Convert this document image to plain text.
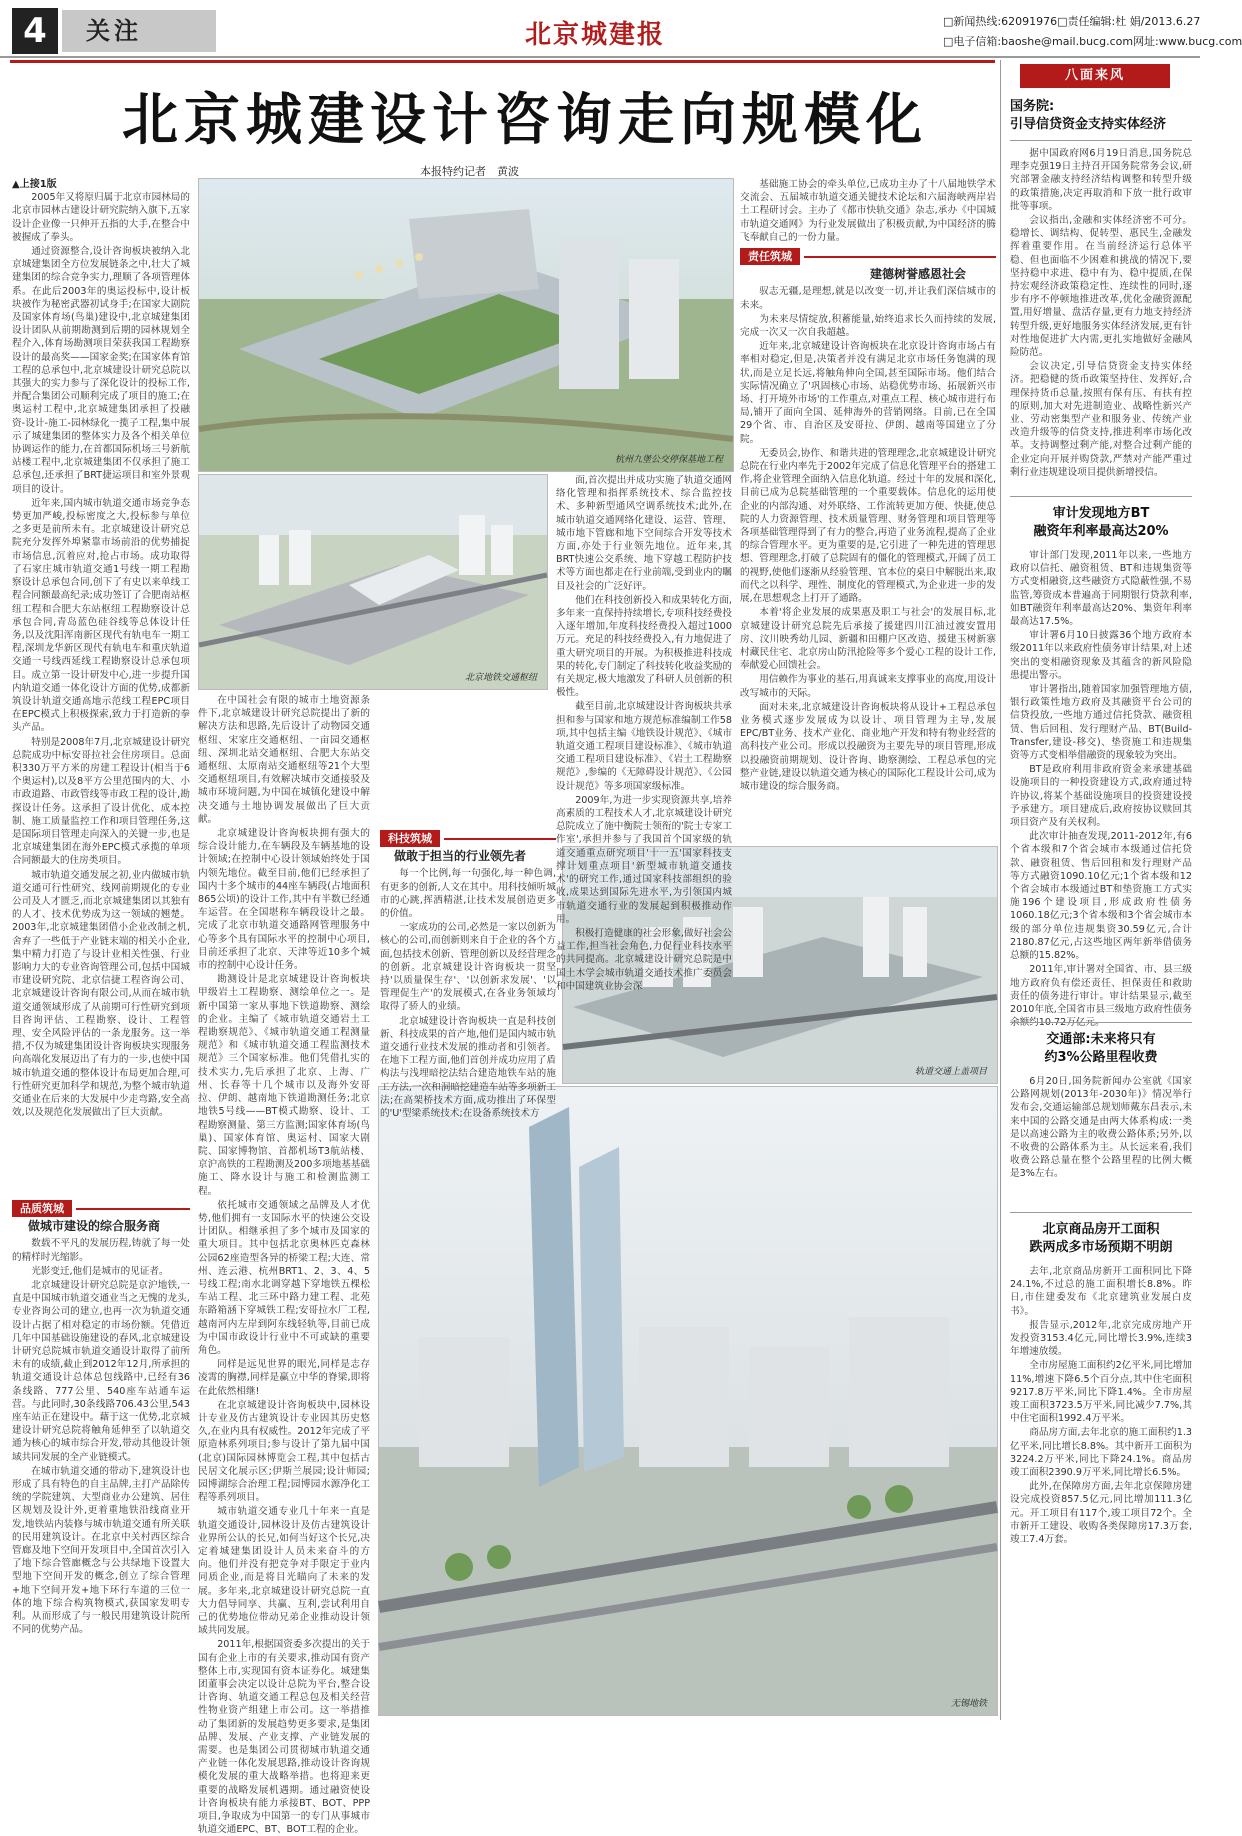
4	关注	北京城建报	□新闻热线:62091976 □责任编辑:杜 娟 /2013.6.27
□电子信箱:baoshe@mail.bucg.com 网址:www.bucg.com
北京城建设计咨询走向规模化
本报特约记者　黄波
▲上接1版

2005年又将原归属于北京市园林局的北京市园林古建设计研究院纳入旗下,五家设计企业像一只伸开五指的大手,在整合中被握成了拳头。

通过资源整合,设计咨询板块被纳入北京城建集团全方位发展链条之中,壮大了城建集团的综合竞争实力,理顺了各项管理体系。在此后2003年的奥运投标中,设计板块被作为秘密武器初试身手;在国家大剧院及国家体育场(鸟巢)建设中,北京城建集团设计团队从前期勘测到后期的园林规划全程介入,体育场勘测项目荣获我国工程勘察设计的最高奖——国家金奖;在国家体育馆工程的总承包中,北京城建设计研究总院以其强大的实力参与了深化设计的投标工作,并配合集团公司顺利完成了项目的施工;在奥运村工程中,北京城建集团承担了投融资-设计-施工-园林绿化一揽子工程,集中展示了城建集团的整体实力及各个相关单位协调运作的能力,在首都国际机场三号新航站楼工程中,北京城建集团不仅承担了施工总承包,还承担了BRT捷运项目和室外景观项目的设计。

近年来,国内城市轨道交通市场竞争态势更加严峻,投标密度之大,投标参与单位之多更是前所未有。北京城建设计研究总院充分发挥外埠紧靠市场前沿的优势捕捉市场信息,沉着应对,抢占市场。成功取得了石家庄城市轨道交通1号线一期工程勘察设计总承包合同,创下了有史以来单线工程合同额最高纪录;成功签订了合肥南站枢纽工程和合肥大东站枢纽工程勘察设计总承包合同,青岛蓝色硅谷线等总体设计任务,以及沈阳浑南新区现代有轨电车一期工程,深圳龙华新区现代有轨电车和重庆轨道交通一号线西延线工程勘察设计总承包项目。成立第一设计研发中心,进一步提升国内轨道交通一体化设计方面的优势,成都新筑设计轨道交通高地示范线工程EPC项目在EPC模式上积极探索,致力于打造新的拳头产品。

特别是2008年7月,北京城建设计研究总院成功中标安哥拉社会住房项目。总面积330万平方米的房建工程设计(相当于6个奥运村),以及8平方公里范围内的大、小市政道路、市政管线等市政工程的设计,勘探设计任务。这承担了设计优化、成本控制、施工质量监控工作和项目管理任务,这是国际项目管理走向深入的关键一步,也是北京城建集团在海外EPC模式承揽的单项合同额最大的住房类项目。

城市轨道交通发展之初,业内做城市轨道交通可行性研究、线网前期规化的专业公司及人才匮乏,而北京城建集团以其独有的人才、技术优势成为这一领域的翘楚。2003年,北京城建集团借小企业改制之机,舍弃了一些低于产业链末端的相关小企业,集中精力打造了与设计业相关性强、行业影响力大的专业咨询管理公司,包括中国城市建设研究院、北京信捷工程咨询公司、北京城建设计咨询有限公司,从而在城市轨道交通领域形成了从前期可行性研究到项目咨询评估、工程勘察、设计、工程管理、安全风险评估的一条龙服务。这一举措,不仅为城建集团设计咨询板块实现服务向高端化发展迈出了有力的一步,也使中国城市轨道交通的整体设计布局更加合理,可行性研究更加科学和规范,为整个城市轨道交通业在后来的大发展中少走弯路,安全高效,以及规范化发展做出了巨大贡献。

品质筑城
做城市建设的综合服务商

数载不平凡的发展历程,铸就了每一处的精样时光缩影。

光影变迁,他们是城市的见证者。

北京城建设计研究总院是京沪地铁,一直是中国城市轨道交通业当之无愧的龙头,专业咨询公司的建立,也再一次为轨道交通设计占据了相对稳定的市场份额。凭借近几年中国基础设施建设的春风,北京城建设计研究总院城市轨道交通设计取得了前所未有的成绩,截止到2012年12月,所承担的轨道交通设计总体总包线路中,已经有36条线路、777公里、540座车站通车运营。与此同时,30条线路706.43公里,543座车站正在建设中。藉于这一优势,北京城建设计研究总院将触角延伸至了以轨道交通为核心的城市综合开发,带动其他设计领域共同发展的全产业链模式。

在城市轨道交通的带动下,建筑设计也形成了具有特色的自主品牌,主打产品除传统的学院建筑、大型商业办公建筑、居住区规划及设计外,更着重地铁沿线商业开发,地铁站内装修与城市轨道交通有所关联的民用建筑设计。在北京中关村西区综合管廊及地下空间开发项目中,全国首次引入了地下综合管廊概念与公共绿地下设置大型地下空间开发的概念,创立了综合管理+地下空间开发+地下环行车道的三位一体的地下综合构筑物模式,获国家发明专利。从而形成了与一般民用建筑设计院所不同的优势产品。

杭州九堡公交停保基地工程
北京地铁交通枢纽
轨道交通上盖项目
无锡地铁

在中国社会有限的城市土地资源条件下,北京城建设计研究总院提出了新的解决方法和思路,先后设计了动物园交通枢纽、宋家庄交通枢纽、一亩园交通枢纽、深圳北站交通枢纽、合肥大东站交通枢纽、太原南站交通枢纽等21个大型交通枢纽项目,有效解决城市交通接驳及城市环境问题,为中国在城镇化建设中解决交通与土地协调发展做出了巨大贡献。

北京城建设计咨询板块拥有强大的综合设计能力,在车辆段及车辆基地的设计领域;在控制中心设计领域始终处于国内领先地位。截至目前,他们已经承担了国内十多个城市的44座车辆段(占地面积865公顷)的设计工作,其中有半数已经通车运营。在全国堪称车辆段设计之最。完成了北京市轨道交通路网管理服务中心等多个具有国际水平的控制中心项目,目前还承担了北京、天津等近10多个城市的控制中心设计任务。

勘测设计是北京城建设计咨询板块甲级岩土工程勘察、测绘单位之一。是新中国第一家从事地下铁道勘察、测绘的企业。主编了《城市轨道交通岩土工程勘察规范》、《城市轨道交通工程测量规范》和《城市轨道交通工程监测技术规范》三个国家标准。他们凭借扎实的技术实力,先后承担了北京、上海、广州、长春等十几个城市以及海外安哥拉、伊朗、越南地下铁道勘测任务;北京地铁5号线——BT模式勘察、设计、工程勘察测量、第三方监测;国家体育场(鸟巢)、国家体育馆、奥运村、国家大剧院、国家博物馆、首都机场T3航站楼、京沪高铁的工程勘测及200多项地基基础施工、降水设计与施工和检测监测工程。

依托城市交通领域之品牌及人才优势,他们拥有一支国际水平的快速公交设计团队。相继承担了多个城市及国家的重大项目。其中包括北京奥林匹克森林公园62座造型各异的桥梁工程;大连、常州、连云港、杭州BRT1、2、3、4、5号线工程;南水北调穿越下穿地铁五棵松车站工程、北三环中路力建工程、北苑东路箱涵下穿城铁工程;安哥拉水厂工程,越南河内左岸到阿东线轻轨等,目前已成为中国市政设计行业中不可或缺的重要角色。

同样是远见世界的眼光,同样是志存凌霄的胸襟,同样是赢立中华的脊梁,即将在此依然相继!

在北京城建设计咨询板块中,园林设计专业及仿古建筑设计专业因其历史悠久,在业内具有权威性。2012年完成了平原造林系列项目;参与设计了第九届中国(北京)国际园林博览会工程,其中包括古民居文化展示区;伊斯兰展园;设计师园;园博湖综合治理工程;园博园水源净化工程等系列项目。

城市轨道交通专业几十年来一直是轨道交通设计,园林设计及仿古建筑设计业界所公认的长兄,如何当好这个长兄,决定着城建集团设计人员未来奋斗的方向。他们并没有把竞争对手限定于业内同质企业,而是将目光瞄向了未来的发展。多年来,北京城建设计研究总院一直大力倡导同享、共赢、互利,尝试利用自己的优势地位带动兄弟企业推动设计领域共同发展。

2011年,根据国资委多次提出的关于国有企业上市的有关要求,推动国有资产整体上市,实现国有资本证券化。城建集团董事会决定以设计总院为平台,整合设计咨询、轨道交通工程总包及相关经营性物业资产组建上市公司。这一举措推动了集团新的发展趋势更多要求,是集团品牌、发展、产业支撑、产业链发展的需要。也是集团公司贯彻城市轨道交通产业链一体化发展思路,推动设计咨询规模化发展的重大战略举措。也将迎来更重要的战略发展机遇期。通过融资使设计咨询板块有能力承接BT、BOT、PPP项目,争取成为中国第一的专门从事城市轨道交通EPC、BT、BOT工程的企业。

面,首次提出并成功实施了轨道交通网络化管理和指挥系统技术、综合监控技术、多种新型通风空调系统技术;此外,在城市轨道交通网络化建设、运营、管理、城市地下管廊和地下空间综合开发等技术方面,亦处于行业领先地位。近年来,其BRT快速公交系统、地下穿越工程防护技术等方面也都走在行业前端,受到业内的瞩目及社会的广泛好评。

他们在科技创新投入和成果转化方面,多年来一直保持持续增长,专项科技经费投入逐年增加,年度科技经费投入超过1000万元。充足的科技经费投入,有力地促进了重大研究项目的开展。为积极推进科技成果的转化,专门制定了科技转化收益奖励的有关规定,极大地激发了科研人员创新的积极性。

截至目前,北京城建设计咨询板块共承担和参与国家和地方规范标准编制工作58项,其中包括主编《地铁设计规范》、《城市轨道交通工程项目建设标准》、《城市轨道交通工程项目建设标准》、《岩土工程勘察规范》,参编的《无障碍设计规范》、《公园设计规范》等多项国家级标准。

2009年,为进一步实现资源共享,培养高素质的工程技术人才,北京城建设计研究总院成立了施中衡院士领衔的'院士专家工作室',承担并参与了我国首个国家级的轨道交通重点研究项目'十一五'国家科技支撑计划重点项目'新型城市轨道交通技术'的研究工作,通过国家科技部组织的验收,成果达到国际先进水平,为引领国内城市轨道交通行业的发展起到积极推动作用。

积极打造健康的社会形象,做好社会公益工作,担当社会角色,力促行业科技水平的共同提高。北京城建设计研究总院是中国土木学会城市轨道交通技术推广委员会和中国建筑业协会深

科技筑城
做敢于担当的行业领先者

每一个比例,每一句强化,每一种色调,有更多的创新,人文在其中。用科技倾听城市的心跳,挥洒精湛,让技术发展创造更多的价值。

一家成功的公司,必然是一家以创新为核心的公司,而创新则来自于企业的各个方面,包括技术创新、管理创新以及经营理念的创新。北京城建设计咨询板块一贯坚持'以质量保生存'、'以创新求发展'、'以管理促生产'的发展模式,在各业务领域均取得了骄人的业绩。

北京城建设计咨询板块一直是科技创新、科技成果的首产地,他们是国内城市轨道交通行业技术发展的推动者和引领者。在地下工程方面,他们首创并成功应用了盾构法与浅埋暗挖法结合建造地铁车站的施工方法,一次和洞暗挖建造车站等多项新工法;在高架桥技术方面,成功推出了环保型的'U'型梁系统技术;在设备系统技术方

基础施工协会的牵头单位,已成功主办了十八届地铁学术交流会、五届城市轨道交通关键技术论坛和六届海峡两岸岩土工程研讨会。主办了《都市快轨交通》杂志,承办《中国城市轨道交通网》为行业发展做出了积极贡献,为中国经济的腾飞奉献自己的一份力量。

责任筑城
建德树誉感恩社会

驭志无疆,是理想,就是以改变一切,并让我们深信城市的未来。

为未来尽情绽放,积蓄能量,始终追求长久而持续的发展,完成一次又一次自我超越。

近年来,北京城建设计咨询板块在北京设计咨询市场占有率相对稳定,但是,决策者并没有满足北京市场任务饱满的现状,而是立足长远,将触角伸向全国,甚至国际市场。他们结合实际情况确立了'巩固核心市场、站稳优势市场、拓展新兴市场、打开境外市场'的工作重点,对重点工程、核心城市进行布局,铺开了面向全国、延伸海外的营销网络。目前,已在全国29个省、市、自治区及安哥拉、伊朗、越南等国建立了分院。

无委员会,协作、和谐共进的管理理念,北京城建设计研究总院在行业内率先于2002年完成了信息化管理平台的搭建工作,将企业管理全面纳入信息化轨道。经过十年的发展和深化,目前已成为总院基础管理的一个重要载体。信息化的运用使企业的内部沟通、对外联络、工作流转更加方便、快捷,使总院的人力资源管理、技术质量管理、财务管理和项目管理等各项基础管理得到了有力的整合,再造了业务流程,提高了企业的综合管理水平。更为重要的是,它引进了一种先进的管理思想、管理理念,打破了总院固有的僵化的管理模式,开阔了员工的视野,使他们逐渐从经验管理、官本位的桌日中解脱出来,取而代之以科学、理性、制度化的管理模式,为企业进一步的发展,在思想观念上打开了通路。

本着'将企业发展的成果惠及职工与社会'的发展目标,北京城建设计研究总院先后承接了援建四川江油过渡安置用房、汶川映秀幼儿园、新疆和田棚户区改造、援建玉树新寨村藏民住宅、北京房山防汛抢险等多个爱心工程的设计工作,奉献爱心回馈社会。

用信赖作为事业的基石,用真诚来支撑事业的高度,用设计改写城市的天际。

面对未来,北京城建设计咨询板块将从设计+工程总承包业务模式逐步发展成为以设计、项目管理为主导,发展EPC/BT业务、技术产业化、商业地产开发和特有物业经营的高科技产业公司。形成以投融资为主要先导的项目管理,形成以投融资前期规划、设计咨询、勘察测绘、工程总承包的完整产业链,建设以轨道交通为核心的国际化工程设计公司,成为城市建设的综合服务商。

八面来风
国务院:
引导信贷资金支持实体经济

据中国政府网6月19日消息,国务院总理李克强19日主持召开国务院常务会议,研究部署金融支持经济结构调整和转型升级的政策措施,决定再取消和下放一批行政审批等事项。

会议指出,金融和实体经济密不可分。稳增长、调结构、促转型、惠民生,金融发挥着重要作用。在当前经济运行总体平稳、但也面临不少困难和挑战的情况下,要坚持稳中求进、稳中有为、稳中提质,在保持宏观经济政策稳定性、连续性的同时,逐步有序不停顿地推进改革,优化金融资源配置,用好增量、盘活存量,更有力地支持经济转型升级,更好地服务实体经济发展,更有针对性地促进扩大内需,更扎实地做好金融风险防范。

会议决定,引导信贷资金支持实体经济。把稳健的货币政策坚持住、发挥好,合理保持货币总量,按照有保有压、有扶有控的原则,加大对先进制造业、战略性新兴产业、劳动密集型产业和服务业、传统产业改造升级等的信贷支持,推进利率市场化改革。支持调整过剩产能,对整合过剩产能的企业定向开展并购贷款,严禁对产能严重过剩行业违规建设项目提供新增授信。

审计发现地方BT
融资年利率最高达20%

审计部门发现,2011年以来,一些地方政府以信托、融资租赁、BT和违规集资等方式变相融资,这些融资方式隐蔽性强,不易监管,筹资成本普遍高于同期银行贷款利率,如BT融资年利率最高达20%、集资年利率最高达17.5%。

审计署6月10日披露36个地方政府本级2011年以来政府性债务审计结果,对上述突出的变相融资现象及其蕴含的新风险隐患提出警示。

审计署指出,随着国家加强管理地方债,银行政策性地方政府及其融资平台公司的信贷投放,一些地方通过信托贷款、融资租赁、售后回租、发行理财产品、BT(Build-Transfer,建设-移交)、垫资施工和违规集资等方式变相举借融资的现象较为突出。

BT是政府利用非政府资金来承建基础设施项目的一种投资建设方式,政府通过特许协议,将某个基础设施项目的投资建设授予承建方。项目建成后,政府按协议赎回其项目资产及有关权利。

此次审计抽查发现,2011-2012年,有6个省本级和7个省会城市本级通过信托贷款、融资租赁、售后回租和发行理财产品等方式融资1090.10亿元;1个省本级和12个省会城市本级通过BT和垫资施工方式实施196个建设项目,形成政府性债务1060.18亿元;3个省本级和3个省会城市本级的部分单位违规集资30.59亿元,合计2180.87亿元,占这些地区两年新举借债务总额的15.82%。

2011年,审计署对全国省、市、县三级地方政府负有偿还责任、担保责任和救助责任的债务进行审计。审计结果显示,截至2010年底,全国省市县三级地方政府性债务

交通部:未来将只有
约3%公路里程收费

6月20日,国务院新闻办公室就《国家公路网规划(2013年-2030年)》情况举行发布会,交通运输部总规划师戴东昌表示,未来中国的公路交通是由两大体系构成:一类是以高速公路为主的收费公路体系;另外,以不收费的公路体系为主。从长远来看,我们收费公路总量在整个公路里程的比例大概是3%左右。

北京商品房开工面积
跌两成多市场预期不明朗

去年,北京商品房新开工面积同比下降24.1%,不过总的施工面积增长8.8%。昨日,市住建委发布《北京建筑业发展白皮书》。

报告显示,2012年,北京完成房地产开发投资3153.4亿元,同比增长3.9%,连续3年增速放缓。

全市房屋施工面积约2亿平米,同比增加11%,增速下降6.5个百分点,其中住宅面积9217.8万平米,同比下降1.4%。全市房屋竣工面积3723.5万平米,同比减少7.7%,其中住宅面积1992.4万平米。

商品房方面,去年北京的施工面积约1.3亿平米,同比增长8.8%。其中新开工面积为3224.2万平米,同比下降24.1%。商品房竣工面积2390.9万平米,同比增长6.5%。

此外,在保障房方面,去年北京保障房建设完成投资857.5亿元,同比增加111.3亿元。开工项目有117个,竣工项目72个。全市新开工建设、收购各类保障房17.3万套,竣工7.4万套。
